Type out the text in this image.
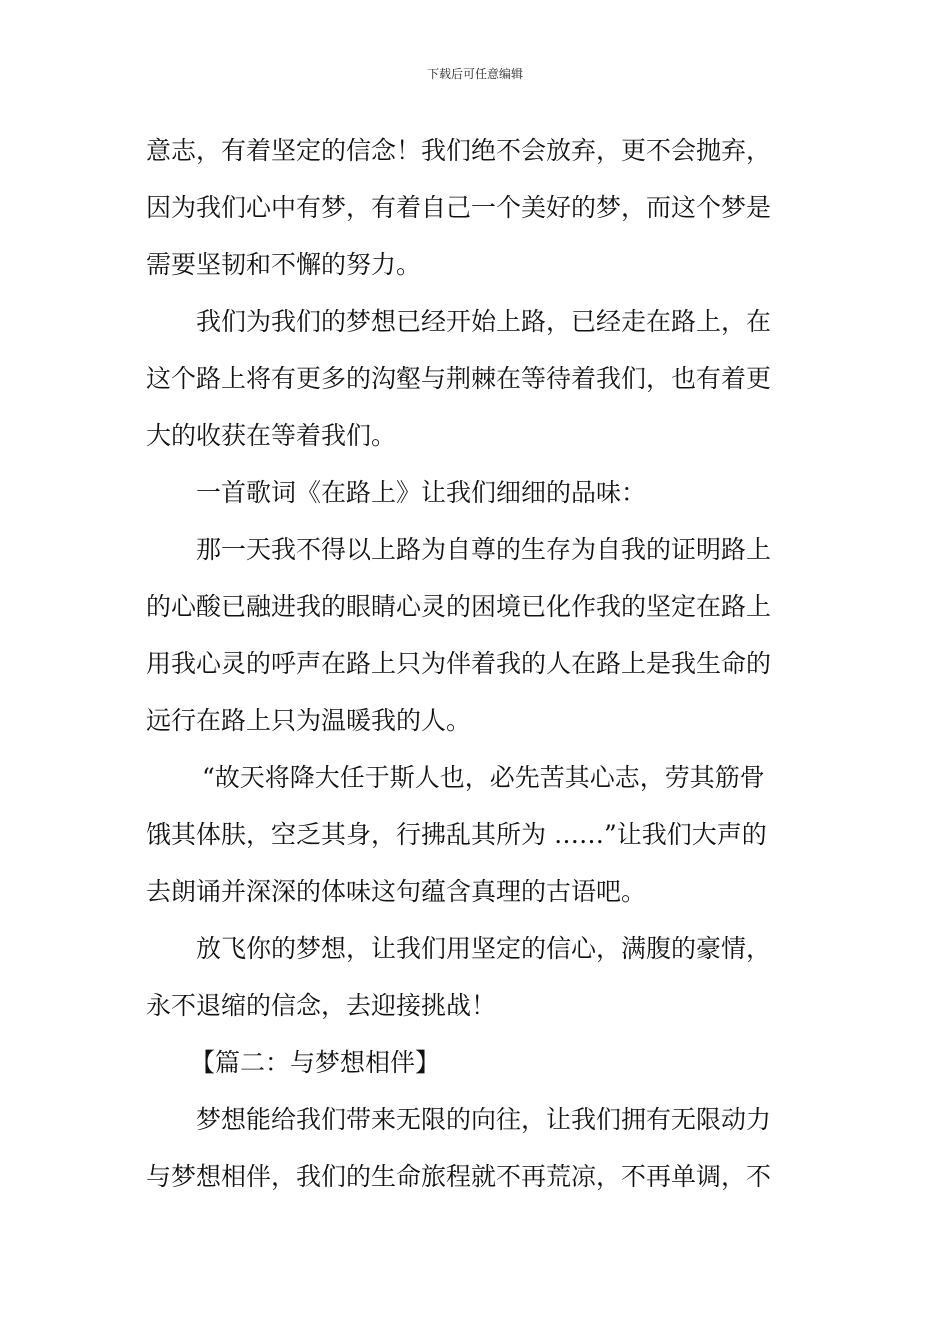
下载后可任意编辑
意志，有着坚定的信念！我们绝不会放弃，更不会抛弃，
因为我们心中有梦，有着自己一个美好的梦，而这个梦是
需要坚韧和不懈的努力。
我们为我们的梦想已经开始上路，已经走在路上，在
这个路上将有更多的沟壑与荆棘在等待着我们，也有着更
大的收获在等着我们。
一首歌词《在路上》让我们细细的品味：
那一天我不得以上路为自尊的生存为自我的证明路上
的心酸已融进我的眼睛心灵的困境已化作我的坚定在路上
用我心灵的呼声在路上只为伴着我的人在路上是我生命的
远行在路上只为温暖我的人。
“故天将降大任于斯人也，必先苦其心志，劳其筋骨
饿其体肤，空乏其身，行拂乱其所为 ……”让我们大声的
去朗诵并深深的体味这句蕴含真理的古语吧。
放飞你的梦想，让我们用坚定的信心，满腹的豪情，
永不退缩的信念，去迎接挑战！
【篇二：与梦想相伴】
梦想能给我们带来无限的向往，让我们拥有无限动力
与梦想相伴，我们的生命旅程就不再荒凉，不再单调，不
